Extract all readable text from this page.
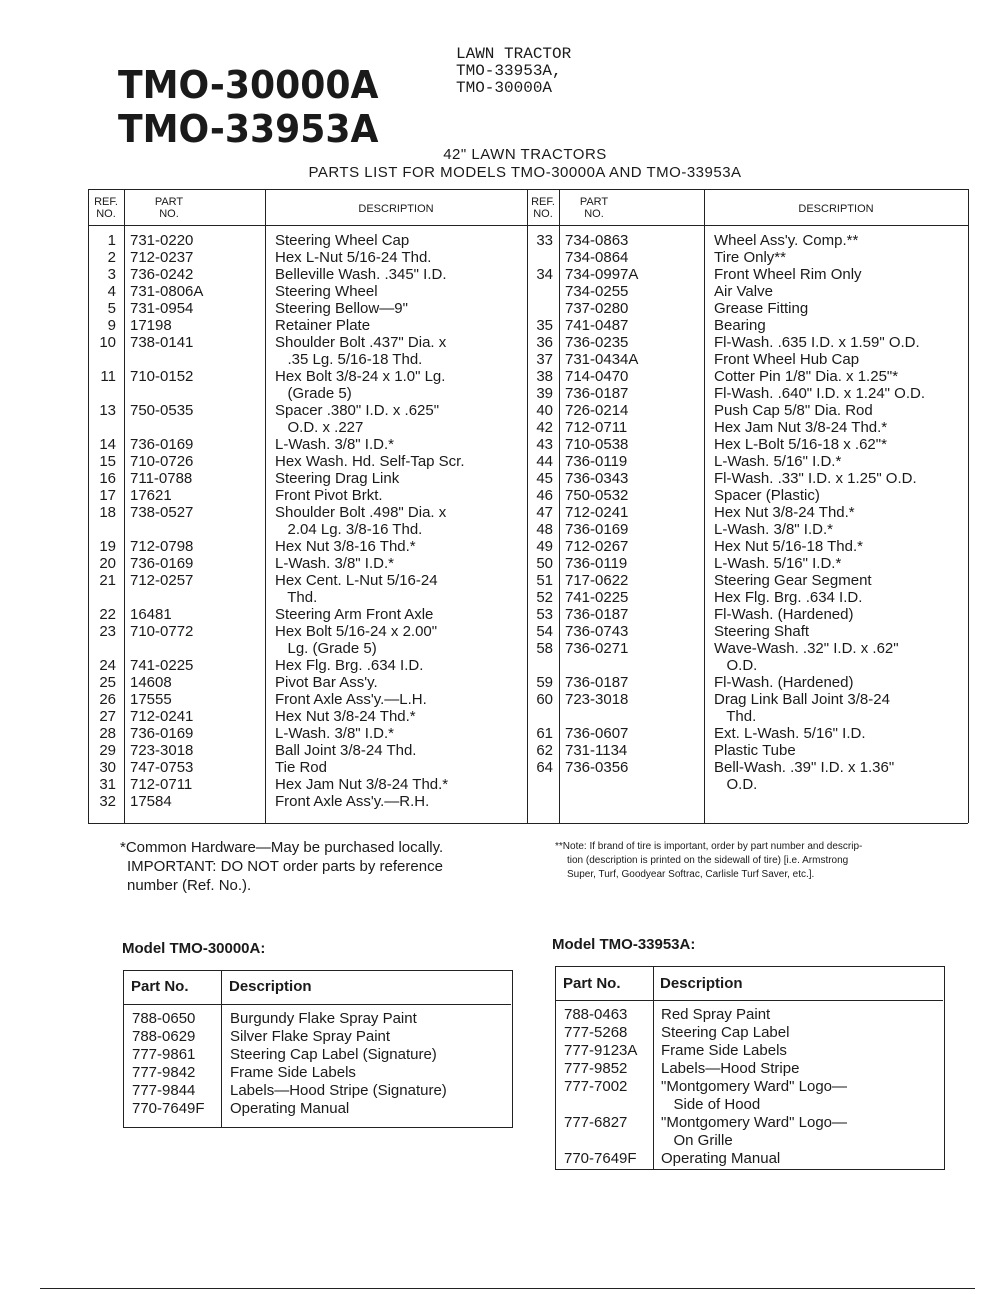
TMO-30000A
TMO-33953A
LAWN TRACTOR
TMO-33953A,
TMO-30000A
42" LAWN TRACTORS
PARTS LIST FOR MODELS TMO-30000A AND TMO-33953A
REF.
NO.
PART
NO.	DESCRIPTION
REF.
NO.
PART
NO.	DESCRIPTION
1 731-0220	Steering Wheel Cap
2 712-0237	Hex L-Nut 5/16-24 Thd.
3 736-0242	Belleville Wash. .345" I.D.
4 731-0806A	Steering Wheel
5 731-0954	Steering Bellow—9"
9 17198	Retainer Plate
10 738-0141	Shoulder Bolt .437" Dia. x
.35 Lg. 5/16-18 Thd.
11 710-0152	Hex Bolt 3/8-24 x 1.0" Lg.
(Grade 5)
13 750-0535	Spacer .380" I.D. x .625"
O.D. x .227
14 736-0169	L-Wash. 3/8" I.D.*
15 710-0726	Hex Wash. Hd. Self-Tap Scr.
16 711-0788	Steering Drag Link
17 17621	Front Pivot Brkt.
18 738-0527	Shoulder Bolt .498" Dia. x
2.04 Lg. 3/8-16 Thd.
19 712-0798	Hex Nut 3/8-16 Thd.*
20 736-0169	L-Wash. 3/8" I.D.*
21 712-0257	Hex Cent. L-Nut 5/16-24
Thd.
22 16481	Steering Arm Front Axle
23 710-0772	Hex Bolt 5/16-24 x 2.00"
Lg. (Grade 5)
24 741-0225	Hex Flg. Brg. .634 I.D.
25 14608	Pivot Bar Ass'y.
26 17555	Front Axle Ass'y.—L.H.
27 712-0241	Hex Nut 3/8-24 Thd.*
28 736-0169	L-Wash. 3/8" I.D.*
29 723-3018	Ball Joint 3/8-24 Thd.
30 747-0753	Tie Rod
31 712-0711	Hex Jam Nut 3/8-24 Thd.*
32 17584	Front Axle Ass'y.—R.H.
33 734-0863	Wheel Ass'y. Comp.**
734-0864	Tire Only**
34 734-0997A	Front Wheel Rim Only
734-0255	Air Valve
737-0280	Grease Fitting
35 741-0487	Bearing
36 736-0235	Fl-Wash. .635 I.D. x 1.59" O.D.
37 731-0434A	Front Wheel Hub Cap
38 714-0470	Cotter Pin 1/8" Dia. x 1.25"*
39 736-0187	Fl-Wash. .640" I.D. x 1.24" O.D.
40 726-0214	Push Cap 5/8" Dia. Rod
42 712-0711	Hex Jam Nut 3/8-24 Thd.*
43 710-0538	Hex L-Bolt 5/16-18 x .62"*
44 736-0119	L-Wash. 5/16" I.D.*
45 736-0343	Fl-Wash. .33" I.D. x 1.25" O.D.
46 750-0532	Spacer (Plastic)
47 712-0241	Hex Nut 3/8-24 Thd.*
48 736-0169	L-Wash. 3/8" I.D.*
49 712-0267	Hex Nut 5/16-18 Thd.*
50 736-0119	L-Wash. 5/16" I.D.*
51 717-0622	Steering Gear Segment
52 741-0225	Hex Flg. Brg. .634 I.D.
53 736-0187	Fl-Wash. (Hardened)
54 736-0743	Steering Shaft
58 736-0271	Wave-Wash. .32" I.D. x .62"
O.D.
59 736-0187	Fl-Wash. (Hardened)
60 723-3018	Drag Link Ball Joint 3/8-24
Thd.
61 736-0607	Ext. L-Wash. 5/16" I.D.
62 731-1134	Plastic Tube
64 736-0356	Bell-Wash. .39" I.D. x 1.36"
O.D.
*Common Hardware—May be purchased locally.
IMPORTANT: DO NOT order parts by reference
number (Ref. No.).
**Note: If brand of tire is important, order by part number and descrip-
tion (description is printed on the sidewall of tire) [i.e. Armstrong
Super, Turf, Goodyear Softrac, Carlisle Turf Saver, etc.].
Model TMO-30000A:
Part No.	Description
788-0650 Burgundy Flake Spray Paint
788-0629 Silver Flake Spray Paint
777-9861 Steering Cap Label (Signature)
777-9842 Frame Side Labels
777-9844 Labels—Hood Stripe (Signature)
770-7649F Operating Manual
Model TMO-33953A:
Part No.	Description
788-0463 Red Spray Paint
777-5268 Steering Cap Label
777-9123A Frame Side Labels
777-9852 Labels—Hood Stripe
777-7002 "Montgomery Ward" Logo—
Side of Hood
777-6827 "Montgomery Ward" Logo—
On Grille
770-7649F Operating Manual
